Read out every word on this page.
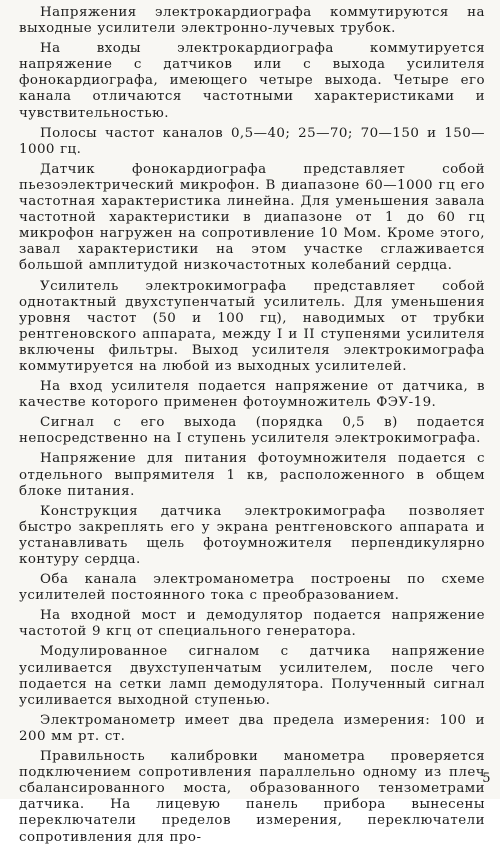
Напряжения электрокардиографа коммутируются на выходные усилители электронно-лучевых трубок.

На входы электрокардиографа коммутируется напряжение с датчиков или с выхода усилителя фонокардиографа, имеющего четыре выхода. Четыре его канала отличаются частотными характеристиками и чувствительностью.

Полосы частот каналов 0,5—40; 25—70; 70—150 и 150—1000 гц.

Датчик фонокардиографа представляет собой пьезоэлектрический микрофон. В диапазоне 60—1000 гц его частотная характеристика линейна. Для уменьшения завала частотной характеристики в диапазоне от 1 до 60 гц микрофон нагружен на сопротивление 10 Мом. Кроме этого, завал характеристики на этом участке сглаживается большой амплитудой низкочастотных колебаний сердца.

Усилитель электрокимографа представляет собой однотактный двухступенчатый усилитель. Для уменьшения уровня частот (50 и 100 гц), наводимых от трубки рентгеновского аппарата, между I и II ступенями усилителя включены фильтры. Выход усилителя электрокимографа коммутируется на любой из выходных усилителей.

На вход усилителя подается напряжение от датчика, в качестве которого применен фотоумножитель ФЭУ-19.

Сигнал с его выхода (порядка 0,5 в) подается непосредственно на I ступень усилителя электрокимографа.

Напряжение для питания фотоумножителя подается с отдельного выпрямителя 1 кв, расположенного в общем блоке питания.

Конструкция датчика электрокимографа позволяет быстро закреплять его у экрана рентгеновского аппарата и устанавливать щель фотоумножителя перпендикулярно контуру сердца.

Оба канала электроманометра построены по схеме усилителей постоянного тока с преобразованием.

На входной мост и демодулятор подается напряжение частотой 9 кгц от специального генератора.

Модулированное сигналом с датчика напряжение усиливается двухступенчатым усилителем, после чего подается на сетки ламп демодулятора. Полученный сигнал усиливается выходной ступенью.

Электроманометр имеет два предела измерения: 100 и 200 мм рт. ст.

Правильность калибровки манометра проверяется подключением сопротивления параллельно одному из плеч сбалансированного моста, образованного тензометрами датчика. На лицевую панель прибора вынесены переключатели пределов измерения, переключатели сопротивления для про-

5
